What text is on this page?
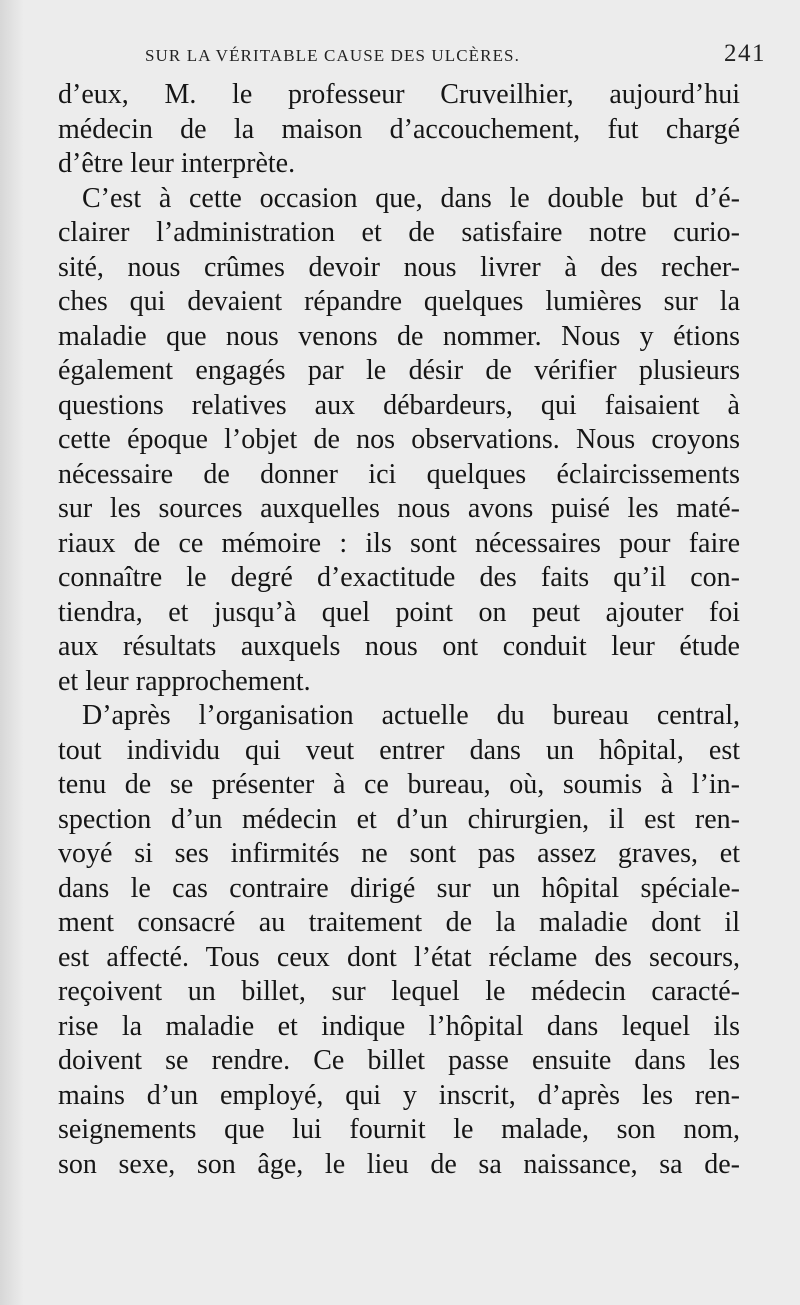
SUR LA VÉRITABLE CAUSE DES ULCÈRES.	241
d’eux, M. le professeur Cruveilhier, aujourd’hui
médecin de la maison d’accouchement, fut chargé
d’être leur interprète.
C’est à cette occasion que, dans le double but d’é-
clairer l’administration et de satisfaire notre curio-
sité, nous crûmes devoir nous livrer à des recher-
ches qui devaient répandre quelques lumières sur la
maladie que nous venons de nommer. Nous y étions
également engagés par le désir de vérifier plusieurs
questions relatives aux débardeurs, qui faisaient à
cette époque l’objet de nos observations. Nous croyons
nécessaire de donner ici quelques éclaircissements
sur les sources auxquelles nous avons puisé les maté-
riaux de ce mémoire : ils sont nécessaires pour faire
connaître le degré d’exactitude des faits qu’il con-
tiendra, et jusqu’à quel point on peut ajouter foi
aux résultats auxquels nous ont conduit leur étude
et leur rapprochement.
D’après l’organisation actuelle du bureau central,
tout individu qui veut entrer dans un hôpital, est
tenu de se présenter à ce bureau, où, soumis à l’in-
spection d’un médecin et d’un chirurgien, il est ren-
voyé si ses infirmités ne sont pas assez graves, et
dans le cas contraire dirigé sur un hôpital spéciale-
ment consacré au traitement de la maladie dont il
est affecté. Tous ceux dont l’état réclame des secours,
reçoivent un billet, sur lequel le médecin caracté-
rise la maladie et indique l’hôpital dans lequel ils
doivent se rendre. Ce billet passe ensuite dans les
mains d’un employé, qui y inscrit, d’après les ren-
seignements que lui fournit le malade, son nom,
son sexe, son âge, le lieu de sa naissance, sa de-
